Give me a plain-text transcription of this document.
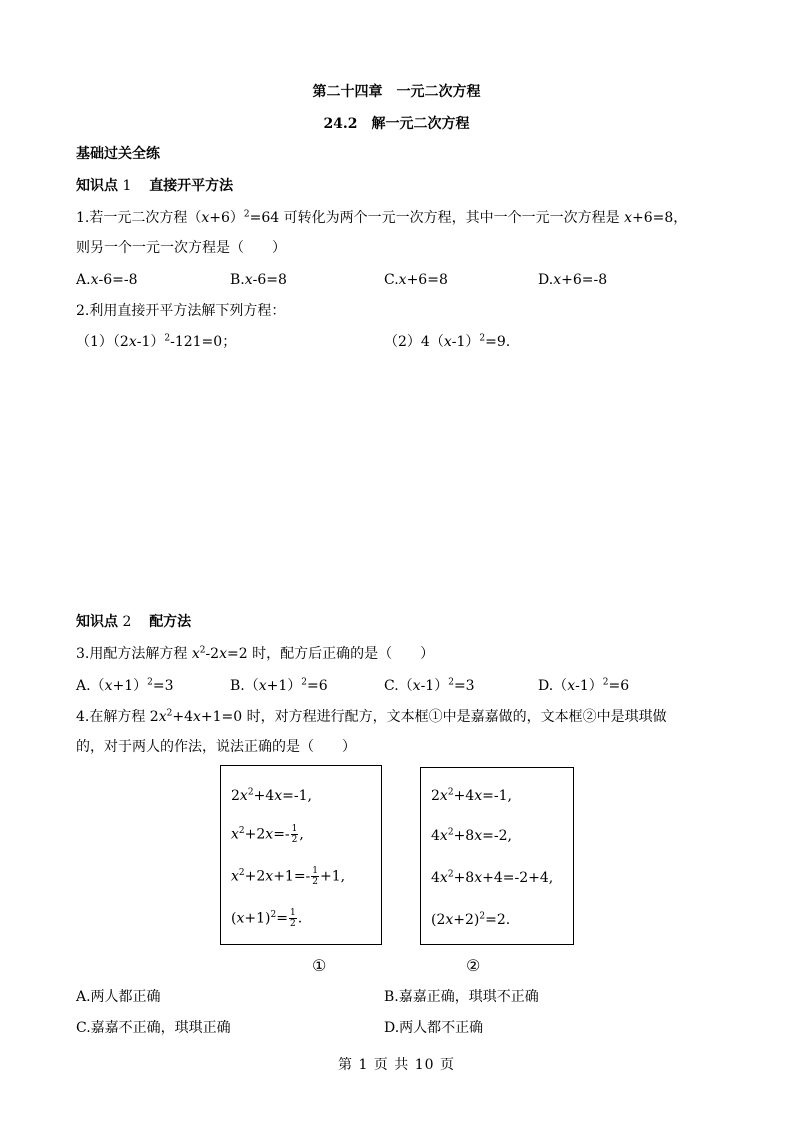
第二十四章　一元二次方程
24.2　解一元二次方程
基础过关全练
知识点 1 直接开平方法
1.若一元二次方程$(x+6)^2=64$ 可转化为两个一元一次方程，其中一个一元一次方程是 x+6=8，
则另一个一元一次方程是（　　）
A.x-6=-8	B.x-6=8	C.x+6=8	D.x+6=-8
2.利用直接开平方法解下列方程：
$(1)(2x-1)^2-121=0$；	$(2)4(x-1)^2=9$.
知识点 2 配方法
3.用配方法解方程 $x^2-2x=2$ 时，配方后正确的是（　　）
$A.(x+1)^2=3$	$B.(x+1)^2=6$	$C.(x-1)^2=3$	$D.(x-1)^2=6$
4.在解方程 $2x^2+4x+1=0$ 时，对方程进行配方，文本框①中是嘉嘉做的，文本框②中是琪琪做
的，对于两人的作法，说法正确的是（　　）
$2x^2+4x=-1$,
$x^2+2x=- \frac{1}{2}$ ,
$x^2+2x+1=- \frac{1}{2} +1$,
$(x+1)^2= \frac{1}{2}$ .
$2x^2+4x=-1$,
$4x^2+8x=-2$,
$4x^2+8x+4=-2+4$,
$(2x+2)^2=2$.
①	②
A.两人都正确	B.嘉嘉正确，琪琪不正确
C.嘉嘉不正确，琪琪正确	D.两人都不正确
第 1 页 共 10 页
